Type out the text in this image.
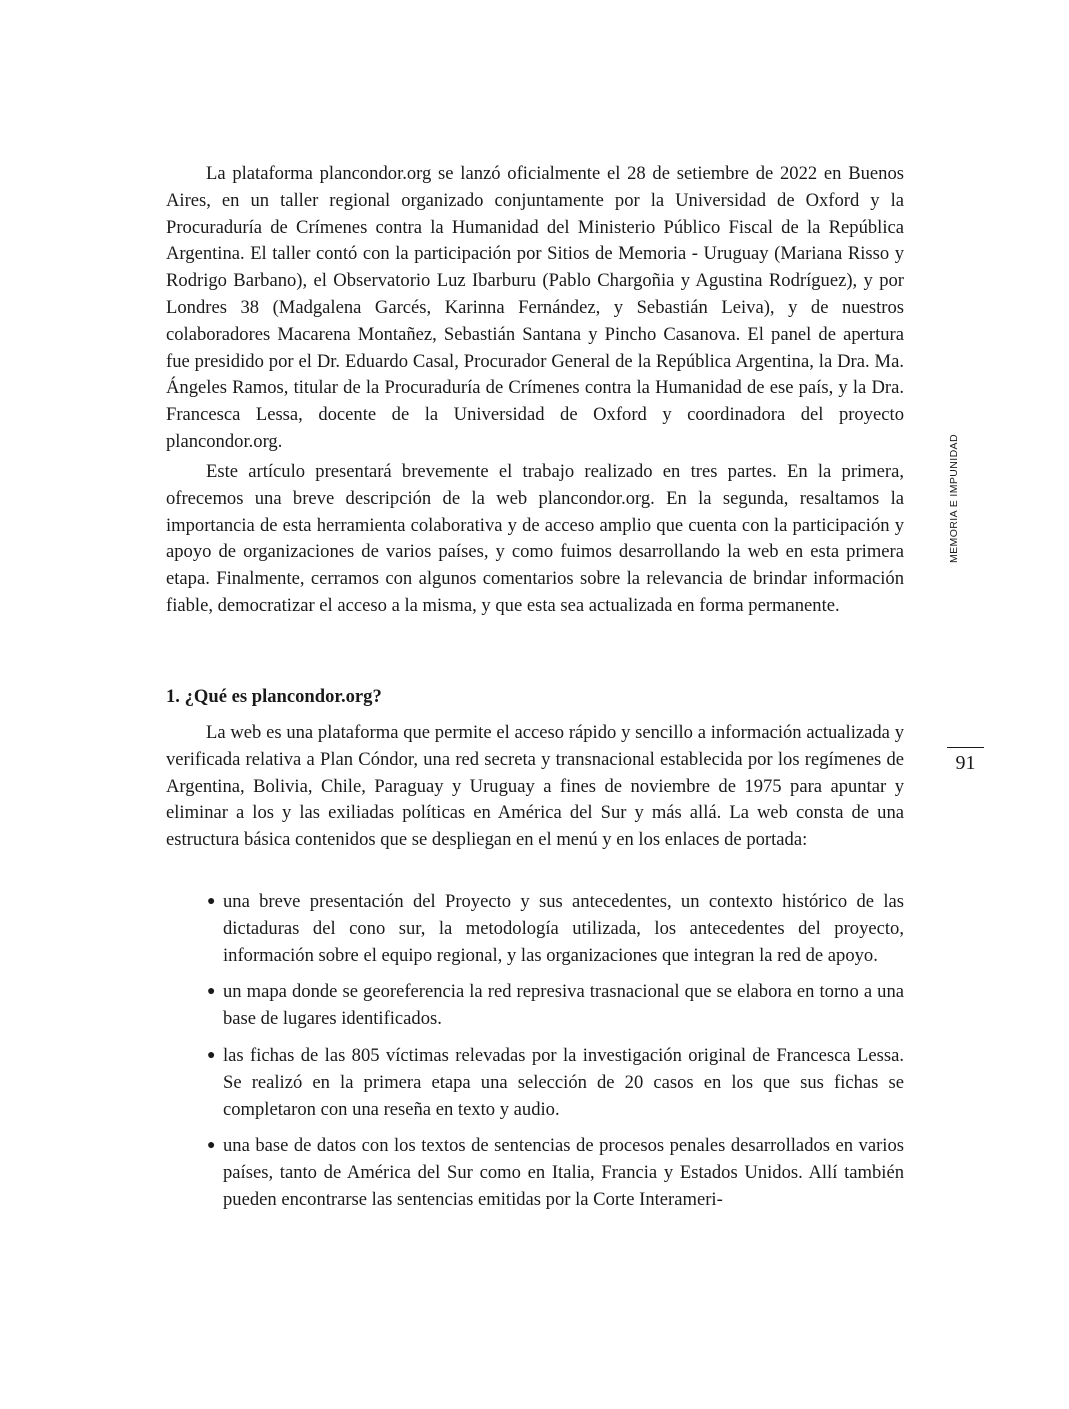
La plataforma plancondor.org se lanzó oficialmente el 28 de setiembre de 2022 en Buenos Aires, en un taller regional organizado conjuntamente por la Universidad de Oxford y la Procuraduría de Crímenes contra la Humanidad del Ministerio Público Fiscal de la República Argentina. El taller contó con la participación por Sitios de Memoria - Uruguay (Mariana Risso y Rodrigo Barbano), el Observatorio Luz Ibarburu (Pablo Chargoñia y Agustina Rodríguez), y por Londres 38 (Madgalena Garcés, Karinna Fernández, y Sebastián Leiva), y de nuestros colaboradores Macarena Montañez, Sebastián Santana y Pincho Casanova. El panel de apertura fue presidido por el Dr. Eduardo Casal, Procurador General de la República Argentina, la Dra. Ma. Ángeles Ramos, titular de la Procuraduría de Crímenes contra la Humanidad de ese país, y la Dra. Francesca Lessa, docente de la Universidad de Oxford y coordinadora del proyecto plancondor.org.

Este artículo presentará brevemente el trabajo realizado en tres partes. En la primera, ofrecemos una breve descripción de la web plancondor.org. En la segunda, resaltamos la importancia de esta herramienta colaborativa y de acceso amplio que cuenta con la participación y apoyo de organizaciones de varios países, y como fuimos desarrollando la web en esta primera etapa. Finalmente, cerramos con algunos comentarios sobre la relevancia de brindar información fiable, democratizar el acceso a la misma, y que esta sea actualizada en forma permanente.

1. ¿Qué es plancondor.org?

La web es una plataforma que permite el acceso rápido y sencillo a información actualizada y verificada relativa a Plan Cóndor, una red secreta y transnacional establecida por los regímenes de Argentina, Bolivia, Chile, Paraguay y Uruguay a fines de noviembre de 1975 para apuntar y eliminar a los y las exiliadas políticas en América del Sur y más allá. La web consta de una estructura básica contenidos que se despliegan en el menú y en los enlaces de portada:

● una breve presentación del Proyecto y sus antecedentes, un contexto histórico de las dictaduras del cono sur, la metodología utilizada, los antecedentes del proyecto, información sobre el equipo regional, y las organizaciones que integran la red de apoyo.
● un mapa donde se georeferencia la red represiva trasnacional que se elabora en torno a una base de lugares identificados.
● las fichas de las 805 víctimas relevadas por la investigación original de Francesca Lessa. Se realizó en la primera etapa una selección de 20 casos en los que sus fichas se completaron con una reseña en texto y audio.
● una base de datos con los textos de sentencias de procesos penales desarrollados en varios países, tanto de América del Sur como en Italia, Francia y Estados Unidos. Allí también pueden encontrarse las sentencias emitidas por la Corte Interameri-
MEMORIA E IMPUNIDAD
91
